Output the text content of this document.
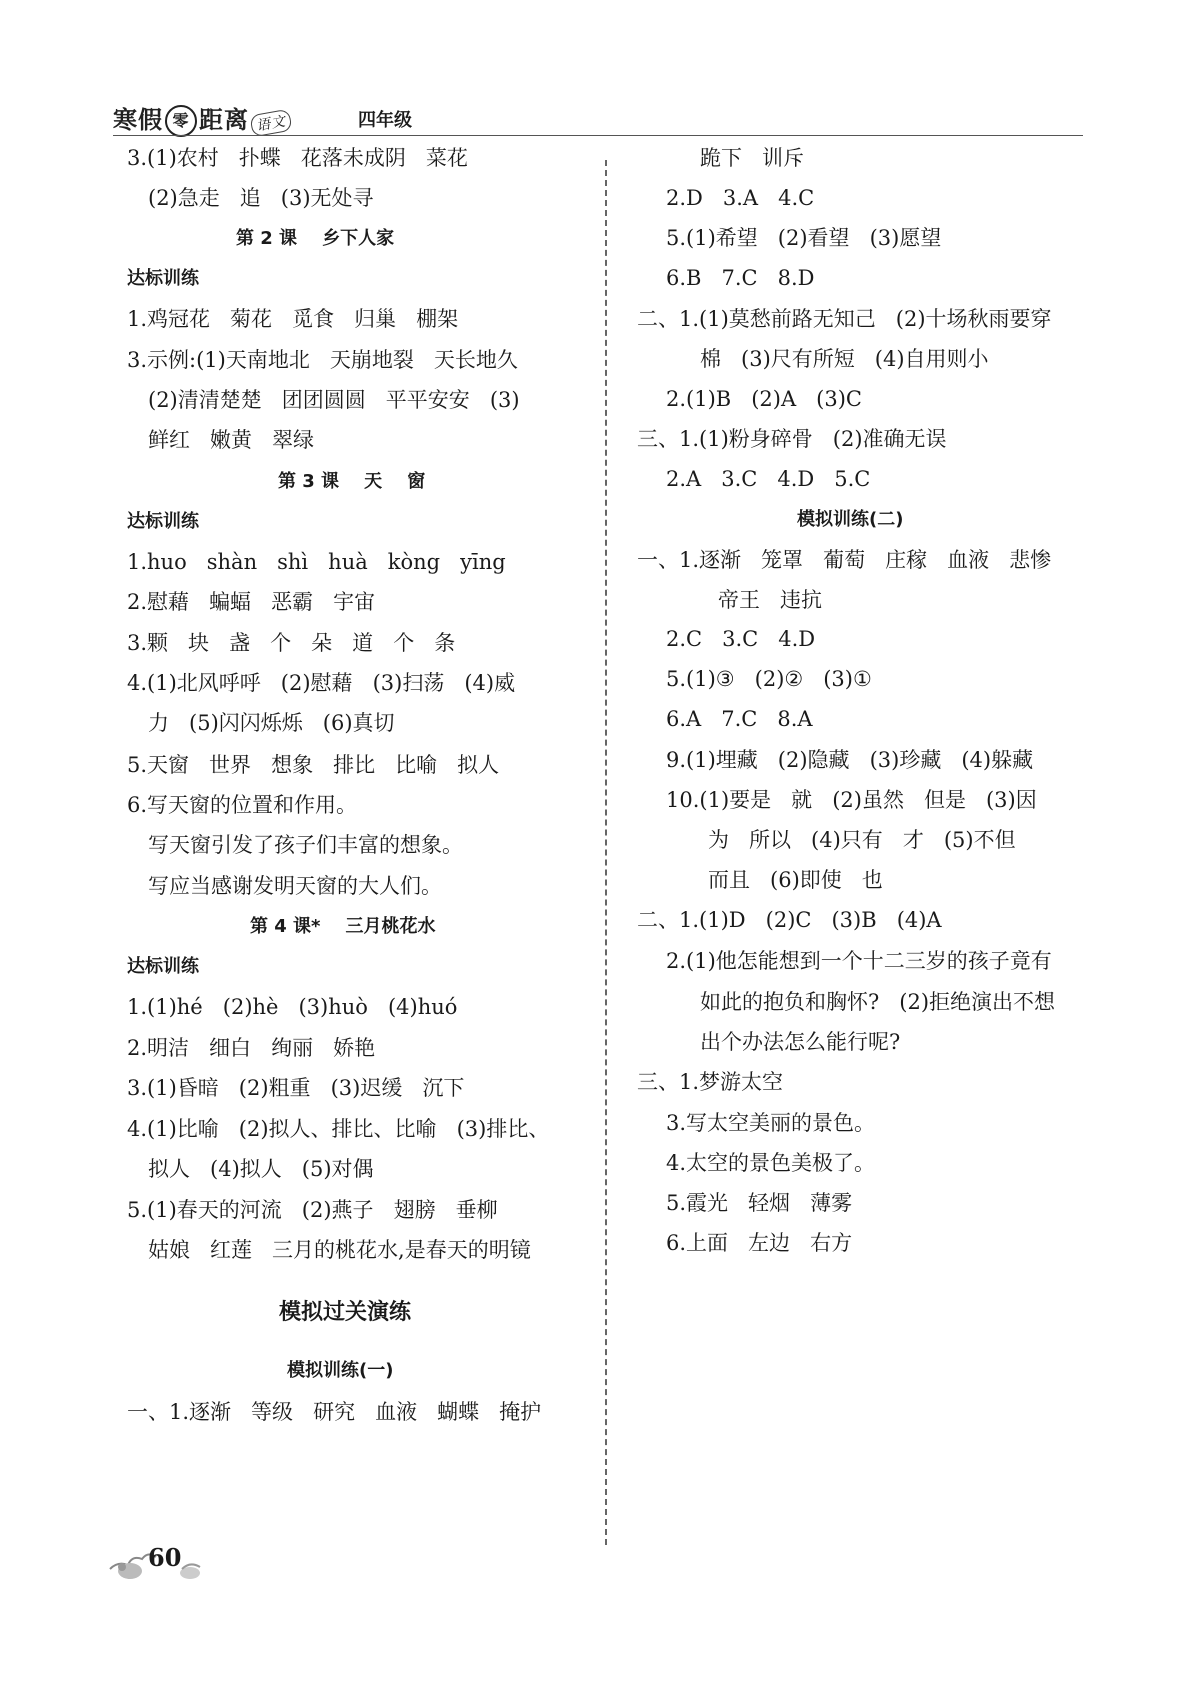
寒假 零 距离 语文	四年级
3.(1)农村   扑蝶   花落未成阴   菜花
(2)急走   追   (3)无处寻
第 2 课    乡下人家
达标训练
1.鸡冠花   菊花   觅食   归巢   棚架
3.示例:(1)天南地北   天崩地裂   天长地久
(2)清清楚楚   团团圆圆   平平安安   (3)
鲜红   嫩黄   翠绿
第 3 课    天    窗
达标训练
1.huo   shàn   shì   huà   kòng   yīng
2.慰藉   蝙蝠   恶霸   宇宙
3.颗   块   盏   个   朵   道   个   条
4.(1)北风呼呼   (2)慰藉   (3)扫荡   (4)威
力   (5)闪闪烁烁   (6)真切
5.天窗   世界   想象   排比   比喻   拟人
6.写天窗的位置和作用。
写天窗引发了孩子们丰富的想象。
写应当感谢发明天窗的大人们。
第 4 课*    三月桃花水
达标训练
1.(1)hé   (2)hè   (3)huò   (4)huó
2.明洁   细白   绚丽   娇艳
3.(1)昏暗   (2)粗重   (3)迟缓   沉下
4.(1)比喻   (2)拟人、排比、比喻   (3)排比、
拟人   (4)拟人   (5)对偶
5.(1)春天的河流   (2)燕子   翅膀   垂柳
姑娘   红莲   三月的桃花水,是春天的明镜
模拟过关演练
模拟训练(一)
一、1.逐渐   等级   研究   血液   蝴蝶   掩护
跪下   训斥
2.D   3.A   4.C
5.(1)希望   (2)看望   (3)愿望
6.B   7.C   8.D
二、1.(1)莫愁前路无知己   (2)十场秋雨要穿
棉   (3)尺有所短   (4)自用则小
2.(1)B   (2)A   (3)C
三、1.(1)粉身碎骨   (2)准确无误
2.A   3.C   4.D   5.C
模拟训练(二)
一、1.逐渐   笼罩   葡萄   庄稼   血液   悲惨
帝王   违抗
2.C   3.C   4.D
5.(1)③   (2)②   (3)①
6.A   7.C   8.A
9.(1)埋藏   (2)隐藏   (3)珍藏   (4)躲藏
10.(1)要是   就   (2)虽然   但是   (3)因
为   所以   (4)只有   才   (5)不但
而且   (6)即使   也
二、1.(1)D   (2)C   (3)B   (4)A
2.(1)他怎能想到一个十二三岁的孩子竟有
如此的抱负和胸怀?   (2)拒绝演出不想
出个办法怎么能行呢?
三、1.梦游太空
3.写太空美丽的景色。
4.太空的景色美极了。
5.霞光   轻烟   薄雾
6.上面   左边   右方
60
